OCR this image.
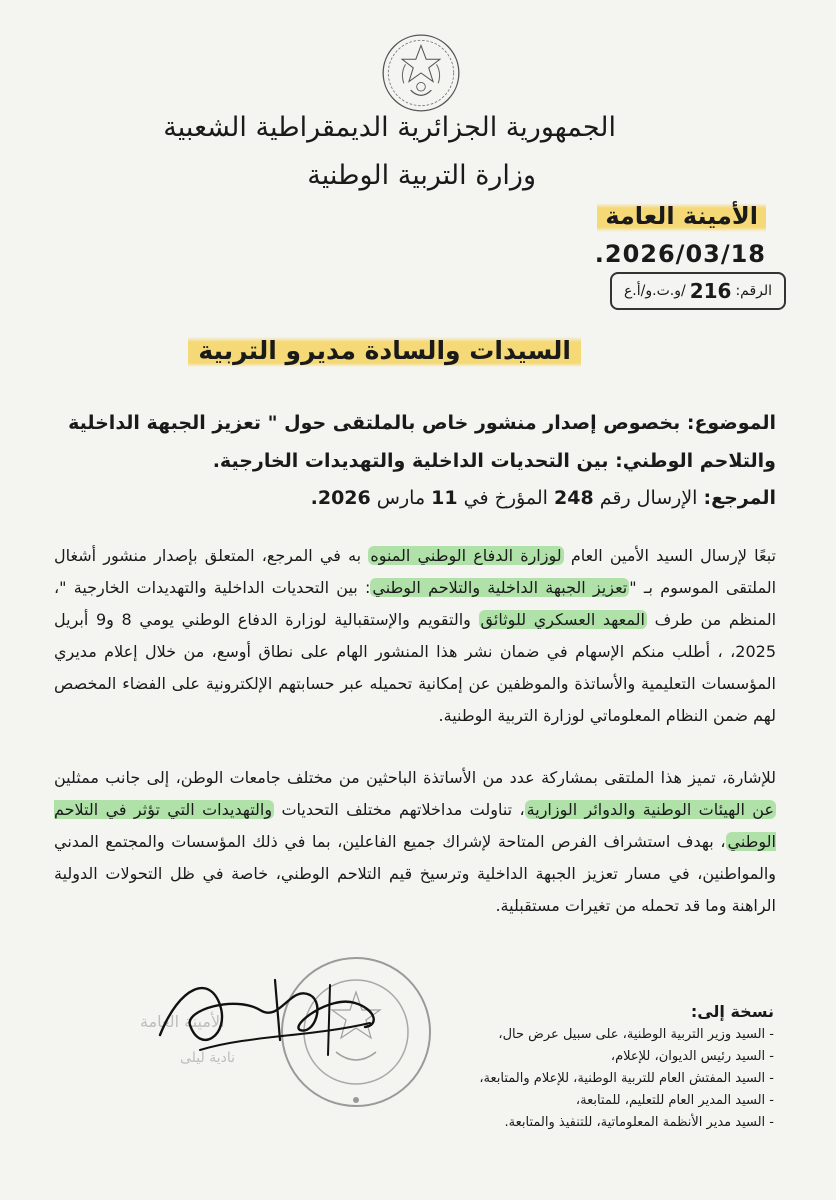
الجمهورية الجزائرية الديمقراطية الشعبية
وزارة التربية الوطنية
الأمينة العامة
.2026/03/18
الرقم:
216
/و.ت.و/أ.ع
السيدات والسادة مديرو التربية
الموضوع: بخصوص إصدار منشور خاص بالملتقى حول " تعزيز الجبهة الداخلية والتلاحم الوطني: بين التحديات الداخلية والتهديدات الخارجية.
المرجع: الإرسال رقم 248 المؤرخ في 11 مارس 2026.
تبعًا لإرسال السيد الأمين العام لوزارة الدفاع الوطني المنوه به في المرجع، المتعلق بإصدار منشور أشغال الملتقى الموسوم بـ "تعزيز الجبهة الداخلية والتلاحم الوطني: بين التحديات الداخلية والتهديدات الخارجية "، المنظم من طرف المعهد العسكري للوثائق والتقويم والإستقبالية لوزارة الدفاع الوطني يومي 8 و9 أبريل 2025، ، أطلب منكم الإسهام في ضمان نشر هذا المنشور الهام على نطاق أوسع، من خلال إعلام مديري المؤسسات التعليمية والأساتذة والموظفين عن إمكانية تحميله عبر حسابتهم الإلكترونية على الفضاء المخصص لهم ضمن النظام المعلوماتي لوزارة التربية الوطنية.
للإشارة، تميز هذا الملتقى بمشاركة عدد من الأساتذة الباحثين من مختلف جامعات الوطن، إلى جانب ممثلين عن الهيئات الوطنية والدوائر الوزارية، تناولت مداخلاتهم مختلف التحديات والتهديدات التي تؤثر في التلاحم الوطني، بهدف استشراف الفرص المتاحة لإشراك جميع الفاعلين، بما في ذلك المؤسسات والمجتمع المدني والمواطنين، في مسار تعزيز الجبهة الداخلية وترسيخ قيم التلاحم الوطني، خاصة في ظل التحولات الدولية الراهنة وما قد تحمله من تغيرات مستقبلية.
الأمينة العامة
نادية ليلى
نسخة إلى:
- السيد وزير التربية الوطنية، على سبيل عرض حال،
- السيد رئيس الديوان، للإعلام،
- السيد المفتش العام للتربية الوطنية، للإعلام والمتابعة،
- السيد المدير العام للتعليم، للمتابعة،
- السيد مدير الأنظمة المعلوماتية، للتنفيذ والمتابعة.
